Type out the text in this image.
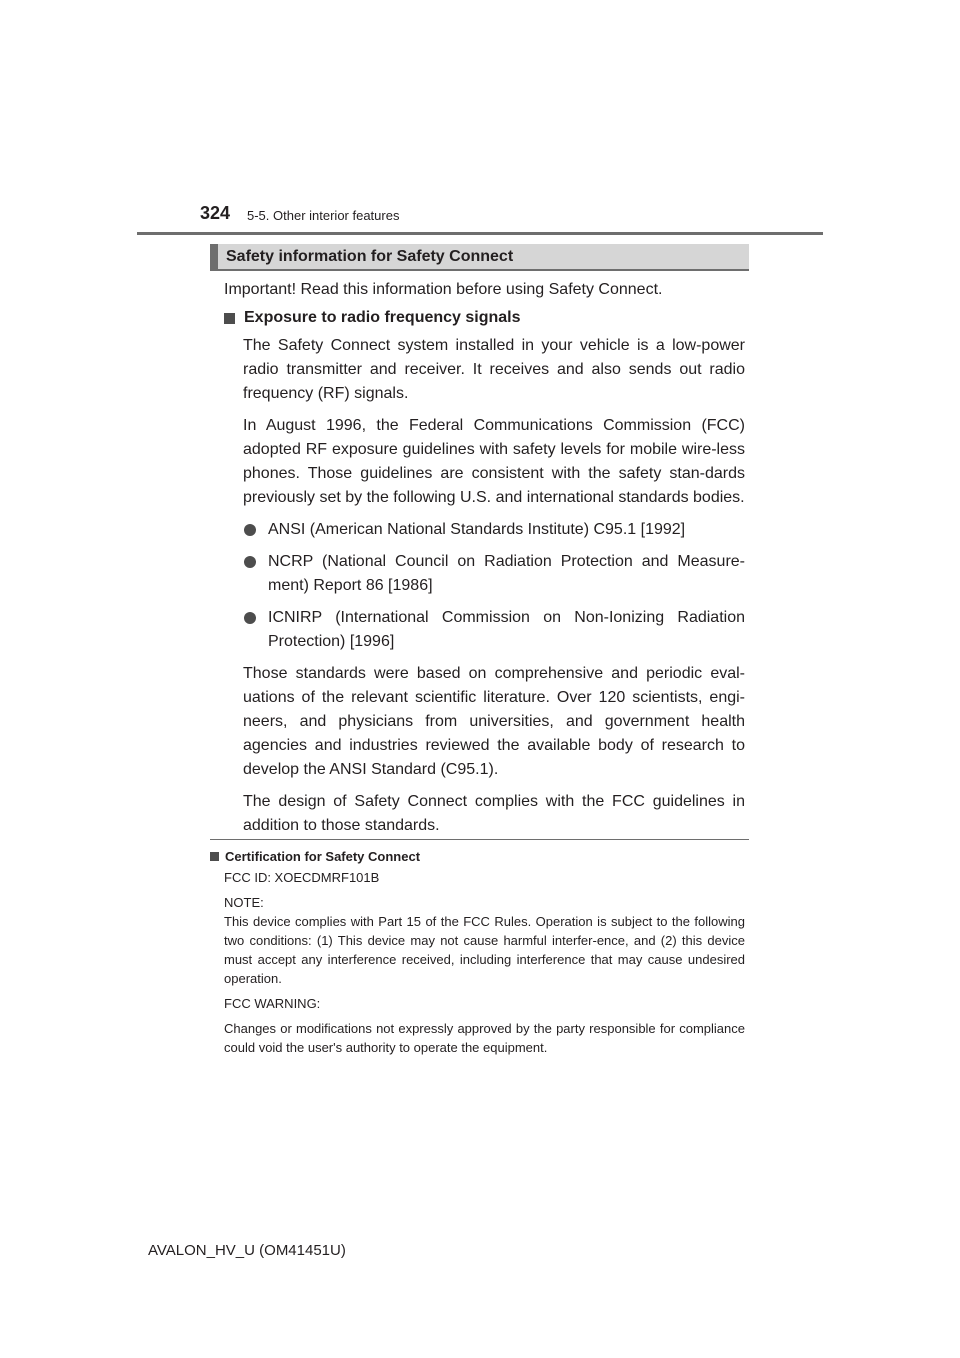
324 5-5. Other interior features
Safety information for Safety Connect

Important! Read this information before using Safety Connect.

Exposure to radio frequency signals

The Safety Connect system installed in your vehicle is a low-power radio transmitter and receiver. It receives and also sends out radio frequency (RF) signals.

In August 1996, the Federal Communications Commission (FCC) adopted RF exposure guidelines with safety levels for mobile wire-less phones. Those guidelines are consistent with the safety stan-dards previously set by the following U.S. and international standards bodies.

ANSI (American National Standards Institute) C95.1 [1992]

NCRP (National Council on Radiation Protection and Measure-ment) Report 86 [1986]

ICNIRP (International Commission on Non-Ionizing Radiation Protection) [1996]

Those standards were based on comprehensive and periodic eval-uations of the relevant scientific literature. Over 120 scientists, engi-neers, and physicians from universities, and government health agencies and industries reviewed the available body of research to develop the ANSI Standard (C95.1).

The design of Safety Connect complies with the FCC guidelines in addition to those standards.

Certification for Safety Connect

FCC ID: XOECDMRF101B

NOTE:

This device complies with Part 15 of the FCC Rules. Operation is subject to the following two conditions: (1) This device may not cause harmful interfer-ence, and (2) this device must accept any interference received, including interference that may cause undesired operation.

FCC WARNING:

Changes or modifications not expressly approved by the party responsible for compliance could void the user's authority to operate the equipment.

AVALON_HV_U (OM41451U)
